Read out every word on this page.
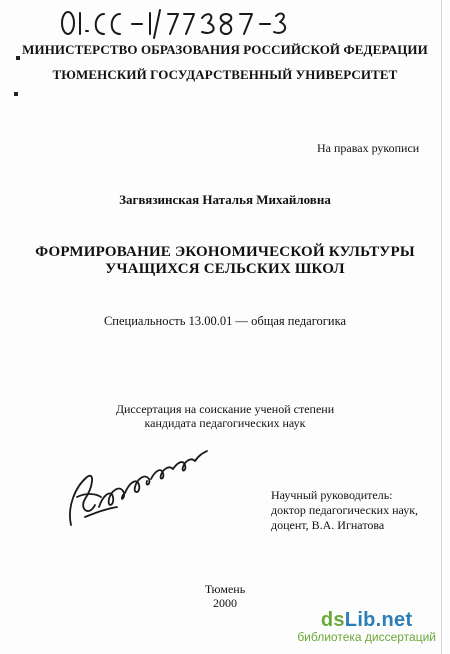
МИНИСТЕРСТВО ОБРАЗОВАНИЯ РОССИЙСКОЙ ФЕДЕРАЦИИ
ТЮМЕНСКИЙ ГОСУДАРСТВЕННЫЙ УНИВЕРСИТЕТ
На правах рукописи
Загвязинская Наталья Михайловна
ФОРМИРОВАНИЕ ЭКОНОМИЧЕСКОЙ КУЛЬТУРЫ
УЧАЩИХСЯ СЕЛЬСКИХ ШКОЛ
Специальность 13.00.01 — общая педагогика
Диссертация на соискание ученой степени
кандидата педагогических наук
Научный руководитель:
доктор педагогических наук,
доцент, В.А. Игнатова
Тюмень
2000
dsLib.net
библиотека диссертаций
